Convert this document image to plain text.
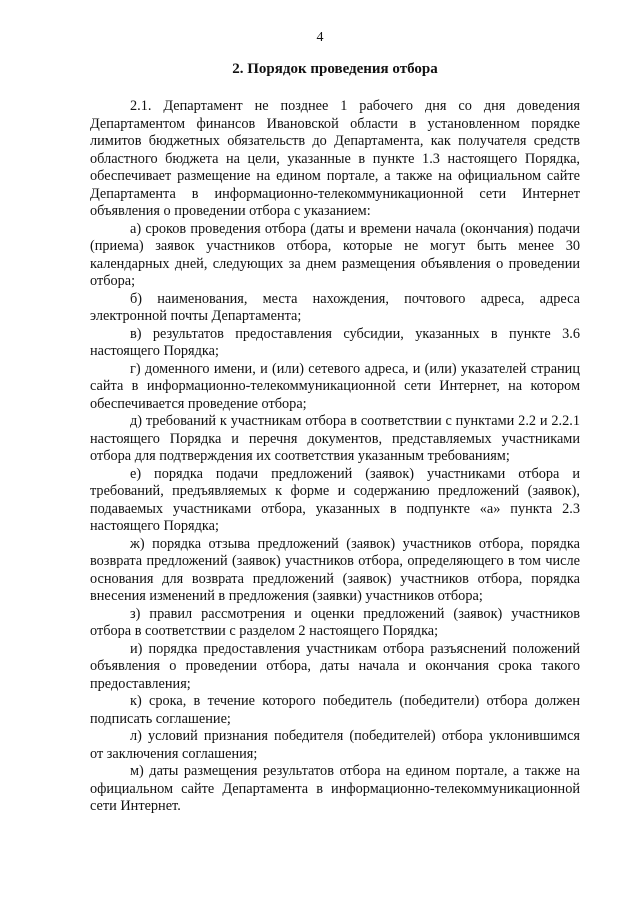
4
2. Порядок проведения отбора

2.1. Департамент не позднее 1 рабочего дня со дня доведения Департаментом финансов Ивановской области в установленном порядке лимитов бюджетных обязательств до Департамента, как получателя средств областного бюджета на цели, указанные в пункте 1.3 настоящего Порядка, обеспечивает размещение на едином портале, а также на официальном сайте Департамента в информационно-телекоммуникационной сети Интернет объявления о проведении отбора с указанием:

а) сроков проведения отбора (даты и времени начала (окончания) подачи (приема) заявок участников отбора, которые не могут быть менее 30 календарных дней, следующих за днем размещения объявления о проведении отбора;

б) наименования, места нахождения, почтового адреса, адреса электронной почты Департамента;

в) результатов предоставления субсидии, указанных в пункте 3.6 настоящего Порядка;

г) доменного имени, и (или) сетевого адреса, и (или) указателей страниц сайта в информационно-телекоммуникационной сети Интернет, на котором обеспечивается проведение отбора;

д) требований к участникам отбора в соответствии с пунктами 2.2 и 2.2.1 настоящего Порядка и перечня документов, представляемых участниками отбора для подтверждения их соответствия указанным требованиям;

е) порядка подачи предложений (заявок) участниками отбора и требований, предъявляемых к форме и содержанию предложений (заявок), подаваемых участниками отбора, указанных в подпункте «а» пункта 2.3 настоящего Порядка;

ж) порядка отзыва предложений (заявок) участников отбора, порядка возврата предложений (заявок) участников отбора, определяющего в том числе основания для возврата предложений (заявок) участников отбора, порядка внесения изменений в предложения (заявки) участников отбора;

з) правил рассмотрения и оценки предложений (заявок) участников отбора в соответствии с разделом 2 настоящего Порядка;

и) порядка предоставления участникам отбора разъяснений положений объявления о проведении отбора, даты начала и окончания срока такого предоставления;

к) срока, в течение которого победитель (победители) отбора должен подписать соглашение;

л) условий признания победителя (победителей) отбора уклонившимся от заключения соглашения;

м) даты размещения результатов отбора на едином портале, а также на официальном сайте Департамента в информационно-телекоммуникационной сети Интернет.
